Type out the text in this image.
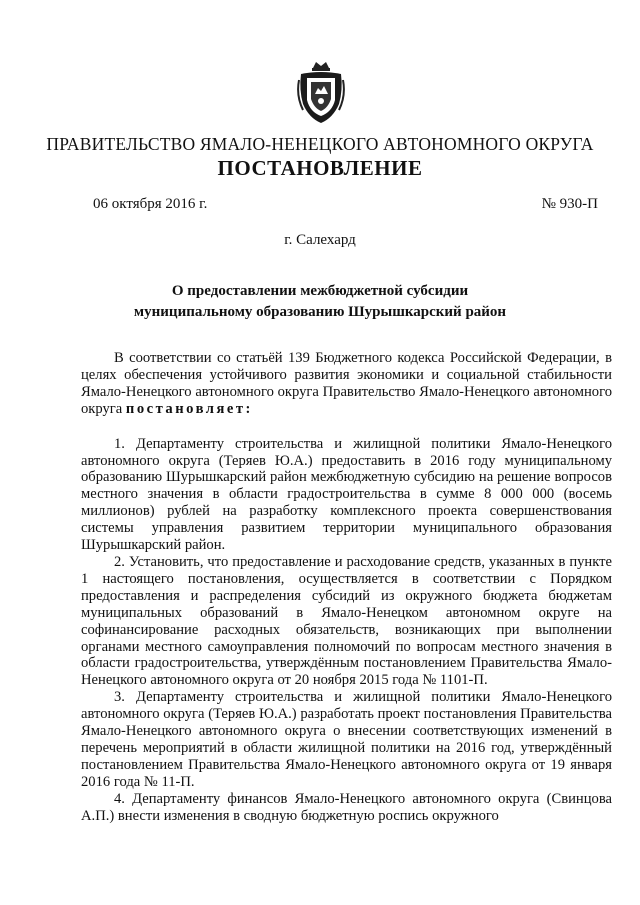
ПРАВИТЕЛЬСТВО ЯМАЛО-НЕНЕЦКОГО АВТОНОМНОГО ОКРУГА
ПОСТАНОВЛЕНИЕ
06 октября 2016 г.	№ 930-П
г. Салехард
О предоставлении межбюджетной субсидии
муниципальному образованию Шурышкарский район

В соответствии со статьёй 139 Бюджетного кодекса Российской Федерации, в целях обеспечения устойчивого развития экономики и социальной стабильности Ямало-Ненецкого автономного округа Правительство Ямало-Ненецкого автономного округа постановляет:

1. Департаменту строительства и жилищной политики Ямало-Ненецкого автономного округа (Теряев Ю.А.) предоставить в 2016 году муниципальному образованию Шурышкарский район межбюджетную субсидию на решение вопросов местного значения в области градостроительства в сумме 8 000 000 (восемь миллионов) рублей на разработку комплексного проекта совершенствования системы управления развитием территории муниципального образования Шурышкарский район.

2. Установить, что предоставление и расходование средств, указанных в пункте 1 настоящего постановления, осуществляется в соответствии с Порядком предоставления и распределения субсидий из окружного бюджета бюджетам муниципальных образований в Ямало-Ненецком автономном округе на софинансирование расходных обязательств, возникающих при выполнении органами местного самоуправления полномочий по вопросам местного значения в области градостроительства, утверждённым постановлением Правительства Ямало-Ненецкого автономного округа от 20 ноября 2015 года № 1101-П.

3. Департаменту строительства и жилищной политики Ямало-Ненецкого автономного округа (Теряев Ю.А.) разработать проект постановления Правительства Ямало-Ненецкого автономного округа о внесении соответствующих изменений в перечень мероприятий в области жилищной политики на 2016 год, утверждённый постановлением Правительства Ямало-Ненецкого автономного округа от 19 января 2016 года № 11-П.

4. Департаменту финансов Ямало-Ненецкого автономного округа (Свинцова А.П.) внести изменения в сводную бюджетную роспись окружного
